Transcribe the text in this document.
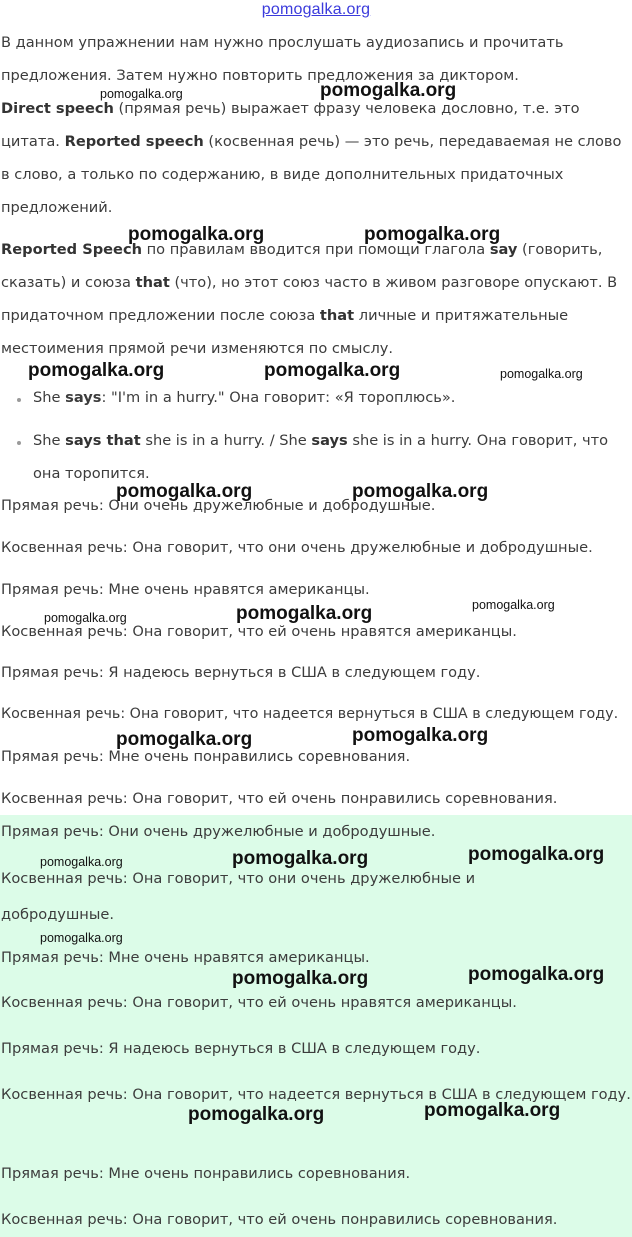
pomogalka.org

В данном упражнении нам нужно прослушать аудиозапись и прочитать предложения. Затем нужно повторить предложения за диктором.

Direct speech (прямая речь) выражает фразу человека дословно, т.е. это цитата. Reported speech (косвенная речь) — это речь, передаваемая не слово в слово, а только по содержанию, в виде дополнительных придаточных предложений.

Reported Speech по правилам вводится при помощи глагола say (говорить, сказать) и союза that (что), но этот союз часто в живом разговоре опускают. В придаточном предложении после союза that личные и притяжательные местоимения прямой речи изменяются по смыслу.

She says: "I'm in a hurry." Она говорит: «Я тороплюсь».

She says that she is in a hurry. / She says she is in a hurry. Она говорит, что она торопится.

Прямая речь: Они очень дружелюбные и добродушные.
Косвенная речь: Она говорит, что они очень дружелюбные и добродушные.
Прямая речь: Мне очень нравятся американцы.
Косвенная речь: Она говорит, что ей очень нравятся американцы.
Прямая речь: Я надеюсь вернуться в США в следующем году.
Косвенная речь: Она говорит, что надеется вернуться в США в следующем году.
Прямая речь: Мне очень понравились соревнования.
Косвенная речь: Она говорит, что ей очень понравились соревнования.
Прямая речь: Они очень дружелюбные и добродушные.

Косвенная речь: Она говорит, что они очень дружелюбные и добродушные.

Прямая речь: Мне очень нравятся американцы.
Косвенная речь: Она говорит, что ей очень нравятся американцы.
Прямая речь: Я надеюсь вернуться в США в следующем году.

Косвенная речь: Она говорит, что надеется вернуться в США в следующем году.

Прямая речь: Мне очень понравились соревнования.
Косвенная речь: Она говорит, что ей очень понравились соревнования.
pomogalka.org	pomogalka.org
pomogalka.org	pomogalka.org
pomogalka.org	pomogalka.org	pomogalka.org
pomogalka.org	pomogalka.org
pomogalka.org	pomogalka.org	pomogalka.org
pomogalka.org	pomogalka.org
pomogalka.org	pomogalka.org	pomogalka.org
pomogalka.org
pomogalka.org	pomogalka.org
pomogalka.org	pomogalka.org
